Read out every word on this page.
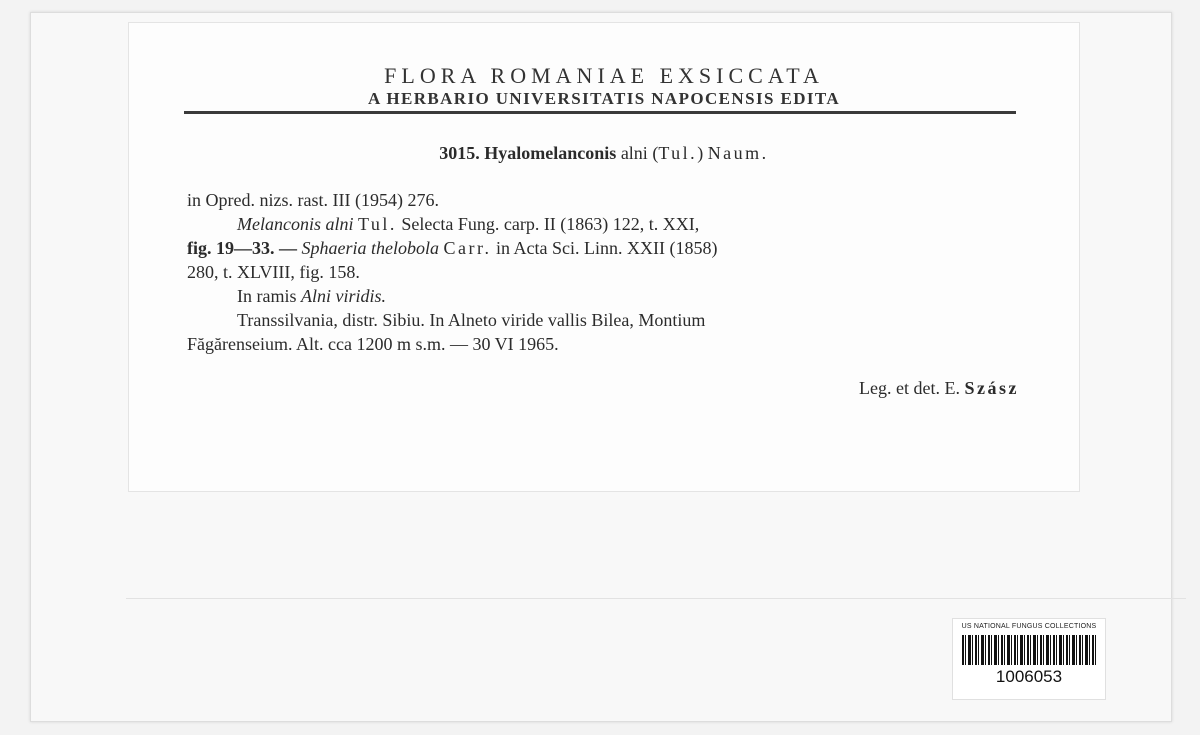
FLORA ROMANIAE EXSICCATA
A HERBARIO UNIVERSITATIS NAPOCENSIS EDITA
3015. Hyalomelanconis alni (Tul.) Naum.

in Opred. nizs. rast. III (1954) 276.

Melanconis alni Tul. Selecta Fung. carp. II (1863) 122, t. XXI,

fig. 19—33. — Sphaeria thelobola Carr. in Acta Sci. Linn. XXII (1858)

280, t. XLVIII, fig. 158.

In ramis Alni viridis.

Transsilvania, distr. Sibiu. In Alneto viride vallis Bilea, Montium

Făgărenseium. Alt. cca 1200 m s.m. — 30 VI 1965.

Leg. et det. E. Szász
US NATIONAL FUNGUS COLLECTIONS
1006053
